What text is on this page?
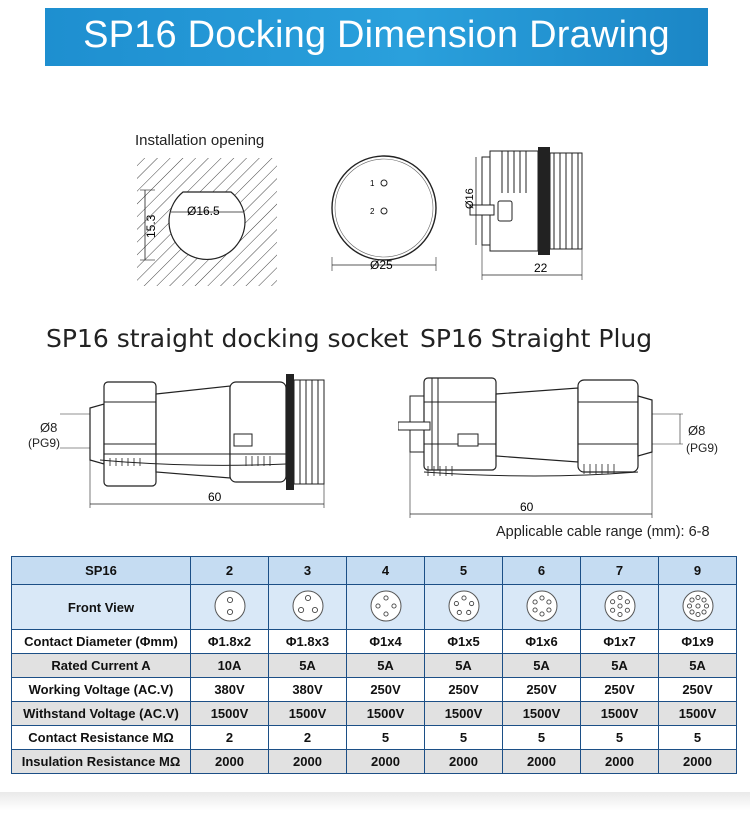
SP16 Docking Dimension Drawing
Installation opening
Ø16.5
15.3
1
2
Ø25	22
Ø16
SP16 straight docking socket SP16 Straight Plug
Ø8
(PG9)
60
Ø8
(PG9)
60
Applicable cable range (mm): 6-8
SP16	2	3	4	5	6	7	9
Front View							
Contact Diameter (Φmm)	Φ1.8x2	Φ1.8x3	Φ1x4	Φ1x5	Φ1x6	Φ1x7	Φ1x9
Rated Current A	10A	5A	5A	5A	5A	5A	5A
Working Voltage (AC.V)	380V	380V	250V	250V	250V	250V	250V
Withstand Voltage (AC.V)	1500V	1500V	1500V	1500V	1500V	1500V	1500V
Contact Resistance MΩ	2	2	5	5	5	5	5
Insulation Resistance MΩ	2000	2000	2000	2000	2000	2000	2000
